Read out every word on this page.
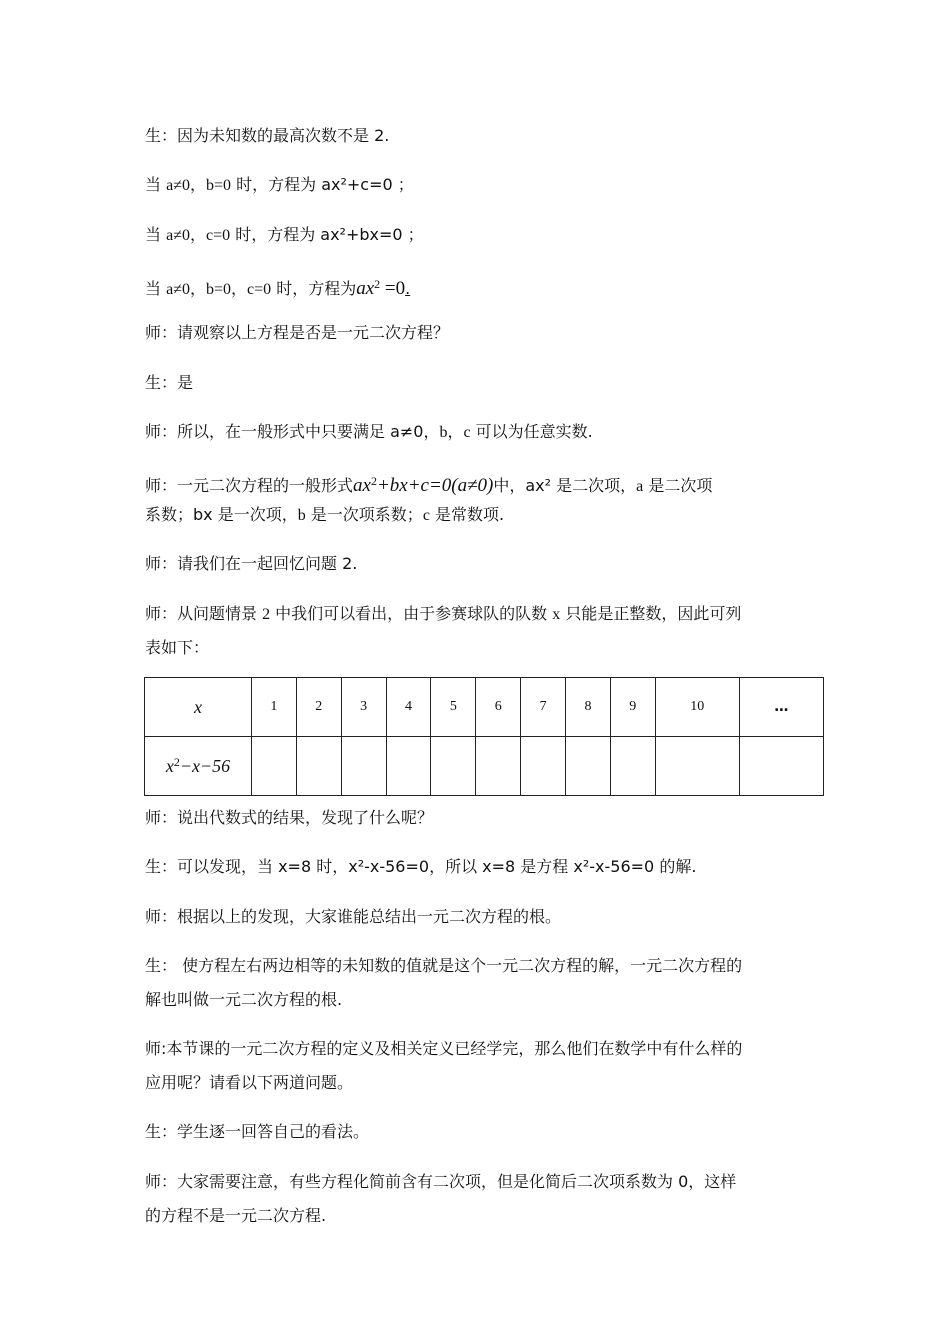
生：因为未知数的最高次数不是 2.
当 a≠0，b=0 时，方程为 ax²+c=0 ；
当 a≠0，c=0 时，方程为 ax²+bx=0 ；
当 a≠0，b=0，c=0 时，方程为$ax^2 =0$.
师：请观察以上方程是否是一元二次方程？
生：是
师：所以，在一般形式中只要满足 a≠0，b，c 可以为任意实数.
师：一元二次方程的一般形式$ax^2+bx+c=0(a\ne 0)$中，ax² 是二次项，a 是二次项
系数；bx 是一次项，b 是一次项系数；c 是常数项.
师：请我们在一起回忆问题 2.
师：从问题情景 2 中我们可以看出，由于参赛球队的队数 x 只能是正整数，因此可列
表如下：
x	1	2	3	4	5	6	7	8	9	10	…
$x^2-x-56$											
师：说出代数式的结果，发现了什么呢？
生：可以发现，当 x=8 时，x²-x-56=0，所以 x=8 是方程 x²-x-56=0 的解.
师：根据以上的发现，大家谁能总结出一元二次方程的根。
生： 使方程左右两边相等的未知数的值就是这个一元二次方程的解，一元二次方程的
解也叫做一元二次方程的根.
师:本节课的一元二次方程的定义及相关定义已经学完，那么他们在数学中有什么样的
应用呢？请看以下两道问题。
生：学生逐一回答自己的看法。
师：大家需要注意，有些方程化简前含有二次项，但是化简后二次项系数为 0，这样
的方程不是一元二次方程.
